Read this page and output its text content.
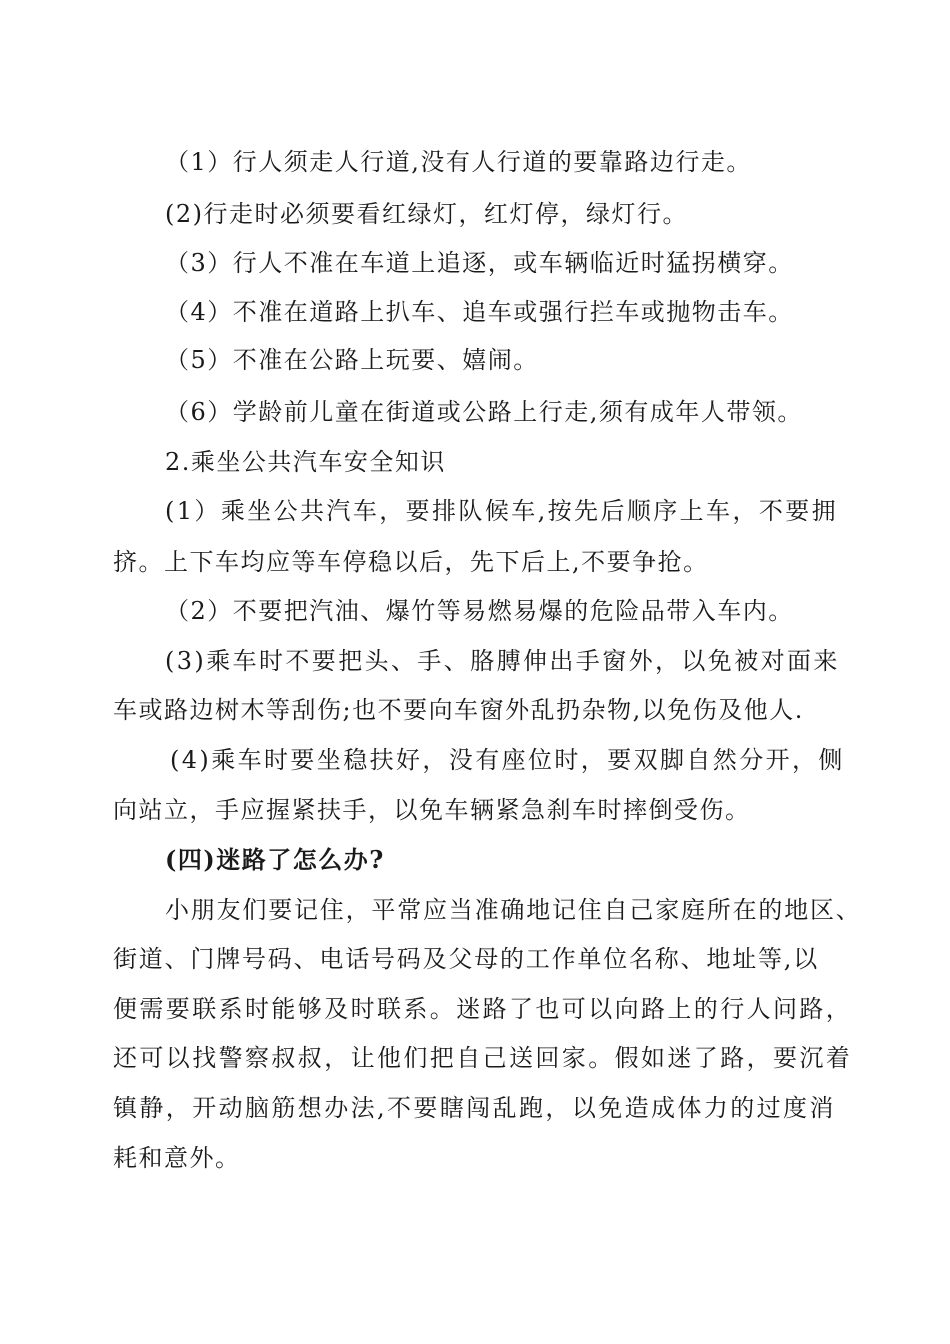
（1）行人须走人行道,没有人行道的要靠路边行走。
(2)行走时必须要看红绿灯，红灯停，绿灯行。
（3）行人不准在车道上追逐，或车辆临近时猛拐横穿。
（4）不准在道路上扒车、追车或强行拦车或抛物击车。
（5）不准在公路上玩要、嬉闹。
（6）学龄前儿童在街道或公路上行走,须有成年人带领。
2.乘坐公共汽车安全知识
(1）乘坐公共汽车，要排队候车,按先后顺序上车，不要拥
挤。上下车均应等车停稳以后，先下后上,不要争抢。
（2）不要把汽油、爆竹等易燃易爆的危险品带入车内。
(3)乘车时不要把头、手、胳膊伸出手窗外，以免被对面来
车或路边树木等刮伤;也不要向车窗外乱扔杂物,以免伤及他人.
(4)乘车时要坐稳扶好，没有座位时，要双脚自然分开，侧
向站立，手应握紧扶手，以免车辆紧急刹车时摔倒受伤。
(四)迷路了怎么办?
小朋友们要记住，平常应当准确地记住自己家庭所在的地区、
街道、门牌号码、电话号码及父母的工作单位名称、地址等,以
便需要联系时能够及时联系。迷路了也可以向路上的行人问路，
还可以找警察叔叔，让他们把自己送回家。假如迷了路，要沉着
镇静，开动脑筋想办法,不要瞎闯乱跑，以免造成体力的过度消
耗和意外。
